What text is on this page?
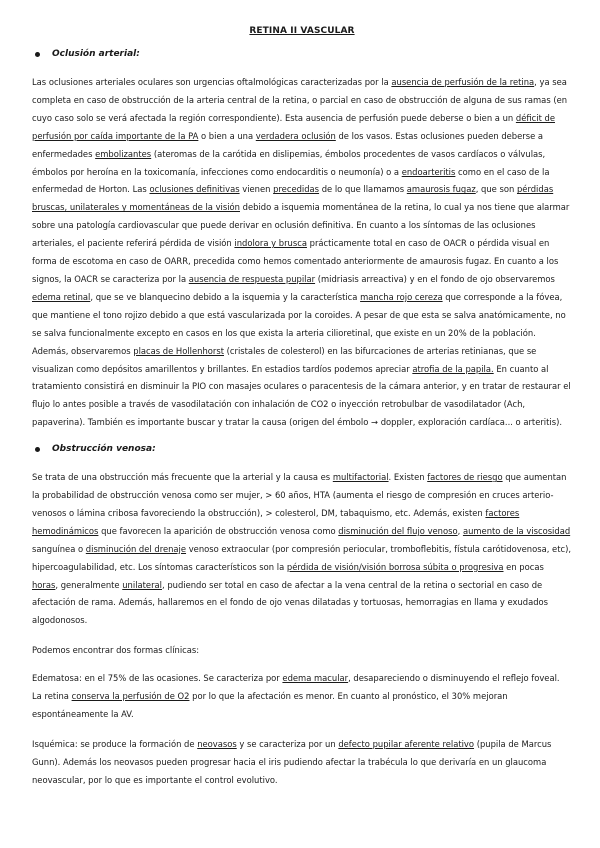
RETINA II VASCULAR
Oclusión arterial:

Las oclusiones arteriales oculares son urgencias oftalmológicas caracterizadas por la ausencia de perfusión de la retina, ya sea completa en caso de obstrucción de la arteria central de la retina, o parcial en caso de obstrucción de alguna de sus ramas (en cuyo caso solo se verá afectada la región correspondiente). Esta ausencia de perfusión puede deberse o bien a un déficit de perfusión por caída importante de la PA o bien a una verdadera oclusión de los vasos. Estas oclusiones pueden deberse a enfermedades embolizantes (ateromas de la carótida en dislipemias, émbolos procedentes de vasos cardíacos o válvulas, émbolos por heroína en la toxicomanía, infecciones como endocarditis o neumonía) o a endoarteritis como en el caso de la enfermedad de Horton. Las oclusiones definitivas vienen precedidas de lo que llamamos amaurosis fugaz, que son pérdidas bruscas, unilaterales y momentáneas de la visión debido a isquemia momentánea de la retina, lo cual ya nos tiene que alarmar sobre una patología cardiovascular que puede derivar en oclusión definitiva. En cuanto a los síntomas de las oclusiones arteriales, el paciente referirá pérdida de visión indolora y brusca prácticamente total en caso de OACR o pérdida visual en forma de escotoma en caso de OARR, precedida como hemos comentado anteriormente de amaurosis fugaz. En cuanto a los signos, la OACR se caracteriza por la ausencia de respuesta pupilar (midriasis arreactiva) y en el fondo de ojo observaremos edema retinal, que se ve blanquecino debido a la isquemia y la característica mancha rojo cereza que corresponde a la fóvea, que mantiene el tono rojizo debido a que está vascularizada por la coroides. A pesar de que esta se salva anatómicamente, no se salva funcionalmente excepto en casos en los que exista la arteria cilioretinal, que existe en un 20% de la población. Además, observaremos placas de Hollenhorst (cristales de colesterol) en las bifurcaciones de arterias retinianas, que se visualizan como depósitos amarillentos y brillantes. En estadios tardíos podemos apreciar atrofia de la papila. En cuanto al tratamiento consistirá en disminuir la PIO con masajes oculares o paracentesis de la cámara anterior, y en tratar de restaurar el flujo lo antes posible a través de vasodilatación con inhalación de CO2 o inyección retrobulbar de vasodilatador (Ach, papaverina). También es importante buscar y tratar la causa (origen del émbolo → doppler, exploración cardíaca... o arteritis).

Obstrucción venosa:

Se trata de una obstrucción más frecuente que la arterial y la causa es multifactorial. Existen factores de riesgo que aumentan la probabilidad de obstrucción venosa como ser mujer, > 60 años, HTA (aumenta el riesgo de compresión en cruces arterio-venosos o lámina cribosa favoreciendo la obstrucción), > colesterol, DM, tabaquismo, etc. Además, existen factores hemodinámicos que favorecen la aparición de obstrucción venosa como disminución del flujo venoso, aumento de la viscosidad sanguínea o disminución del drenaje venoso extraocular (por compresión periocular, tromboflebitis, fístula carótidovenosa, etc), hipercoagulabilidad, etc. Los síntomas característicos son la pérdida de visión/visión borrosa súbita o progresiva en pocas horas, generalmente unilateral, pudiendo ser total en caso de afectar a la vena central de la retina o sectorial en caso de afectación de rama. Además, hallaremos en el fondo de ojo venas dilatadas y tortuosas, hemorragias en llama y exudados algodonosos.

Podemos encontrar dos formas clínicas:

Edematosa: en el 75% de las ocasiones. Se caracteriza por edema macular, desapareciendo o disminuyendo el reflejo foveal. La retina conserva la perfusión de O2 por lo que la afectación es menor. En cuanto al pronóstico, el 30% mejoran espontáneamente la AV.

Isquémica: se produce la formación de neovasos y se caracteriza por un defecto pupilar aferente relativo (pupila de Marcus Gunn). Además los neovasos pueden progresar hacia el iris pudiendo afectar la trabécula lo que derivaría en un glaucoma neovascular, por lo que es importante el control evolutivo.
